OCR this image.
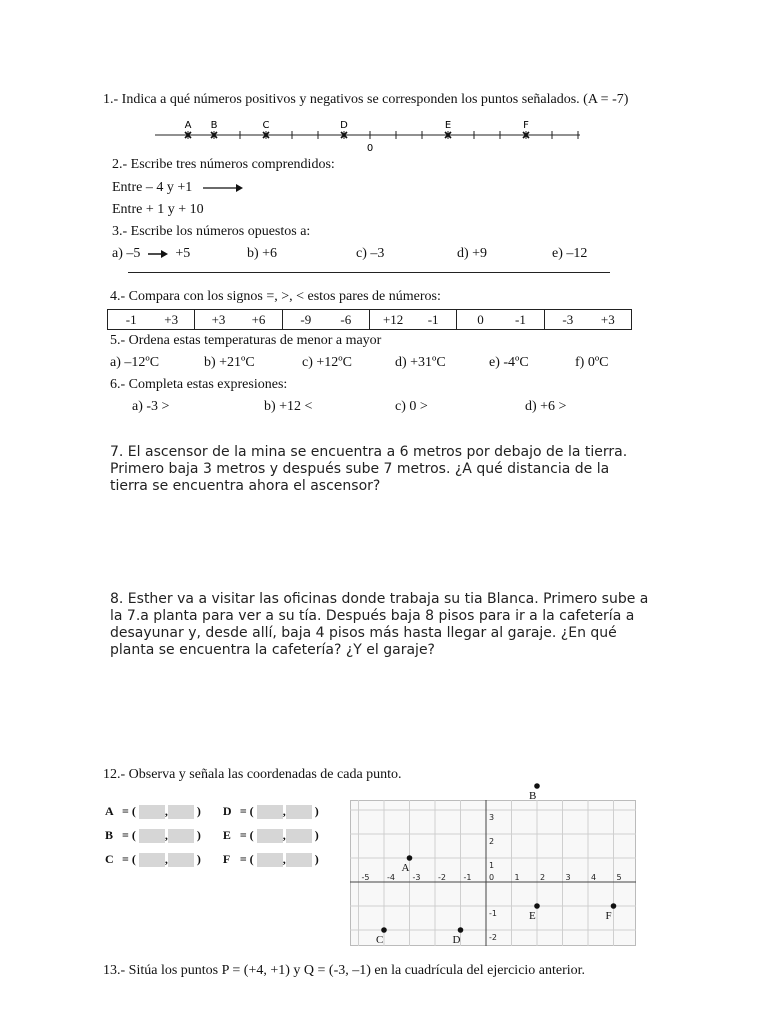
1.- Indica a qué números positivos y negativos se corresponden los puntos señalados. (A = -7)
0
A B	C	D	E	F
2.- Escribe tres números comprendidos:
Entre – 4 y +1
Entre + 1 y + 10
3.- Escribe los números opuestos a:
a) –5	+5	b) +6	c) –3	d) +9	e) –12
4.- Compara con los signos =, >, < estos pares de números:
-1 +3	+3 +6	-9 -6	+12 -1	0 -1	-3 +3
5.- Ordena estas temperaturas de menor a mayor
a) –12ºC	b) +21ºC	c) +12ºC	d) +31ºC	e) -4ºC	f) 0ºC
6.- Completa estas expresiones:
a) -3 >	b) +12 <	c) 0 >	d) +6 >
7. El ascensor de la mina se encuentra a 6 metros por debajo de la tierra. Primero baja 3 metros y después sube 7 metros. ¿A qué distancia de la tierra se encuentra ahora el ascensor?
8. Esther va a visitar las oficinas donde trabaja su tia Blanca. Primero sube a la 7.a planta para ver a su tía. Después baja 8 pisos para ir a la cafetería a desayunar y, desde allí, baja 4 pisos más hasta llegar al garaje. ¿En qué planta se encuentra la cafetería? ¿Y el garaje?
12.- Observa y señala las coordenadas de cada punto.
A = ( , ) D = ( , )
B = ( , ) E = ( , )
C = ( , ) F = ( , )
-5 -4 -3 -2 -1 0	1	2	3	4	5
3
2
1
-1
-2
A
B
C	D
E	F
13.- Sitúa los puntos P = (+4, +1) y Q = (-3, –1) en la cuadrícula del ejercicio anterior.
